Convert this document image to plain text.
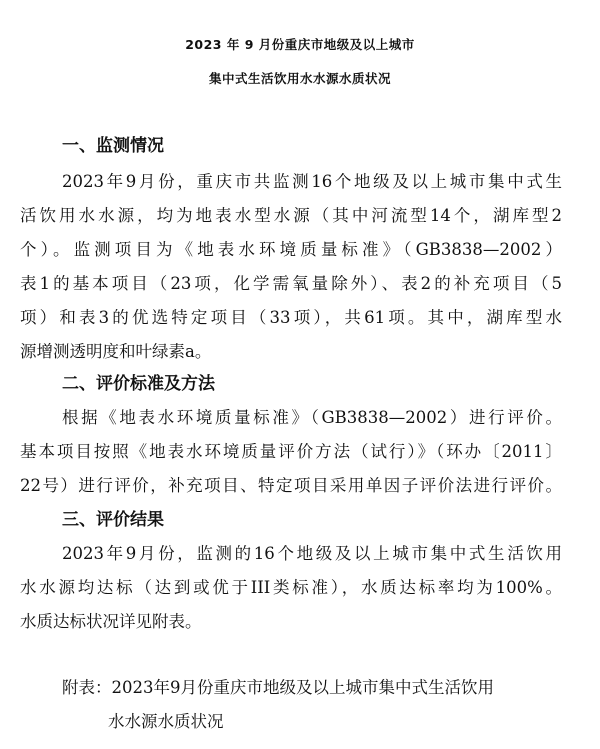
2023 年 9 月份重庆市地级及以上城市
集中式生活饮用水水源水质状况
一、监测情况
2023年9月份，重庆市共监测16个地级及以上城市集中式生
活饮用水水源，均为地表水型水源（其中河流型14个，湖库型2
个）。监测项目为《地表水环境质量标准》（GB3838—2002）
表1的基本项目（23项，化学需氧量除外）、表2的补充项目（5
项）和表3的优选特定项目（33项），共61项。其中，湖库型水
源增测透明度和叶绿素a。
二、评价标准及方法
根据《地表水环境质量标准》（GB3838—2002）进行评价。
基本项目按照《地表水环境质量评价方法（试行）》（环办〔2011〕
22号）进行评价，补充项目、特定项目采用单因子评价法进行评价。
三、评价结果
2023年9月份，监测的16个地级及以上城市集中式生活饮用
水水源均达标（达到或优于III类标准），水质达标率均为100%。
水质达标状况详见附表。
附表：2023年9月份重庆市地级及以上城市集中式生活饮用
水水源水质状况
